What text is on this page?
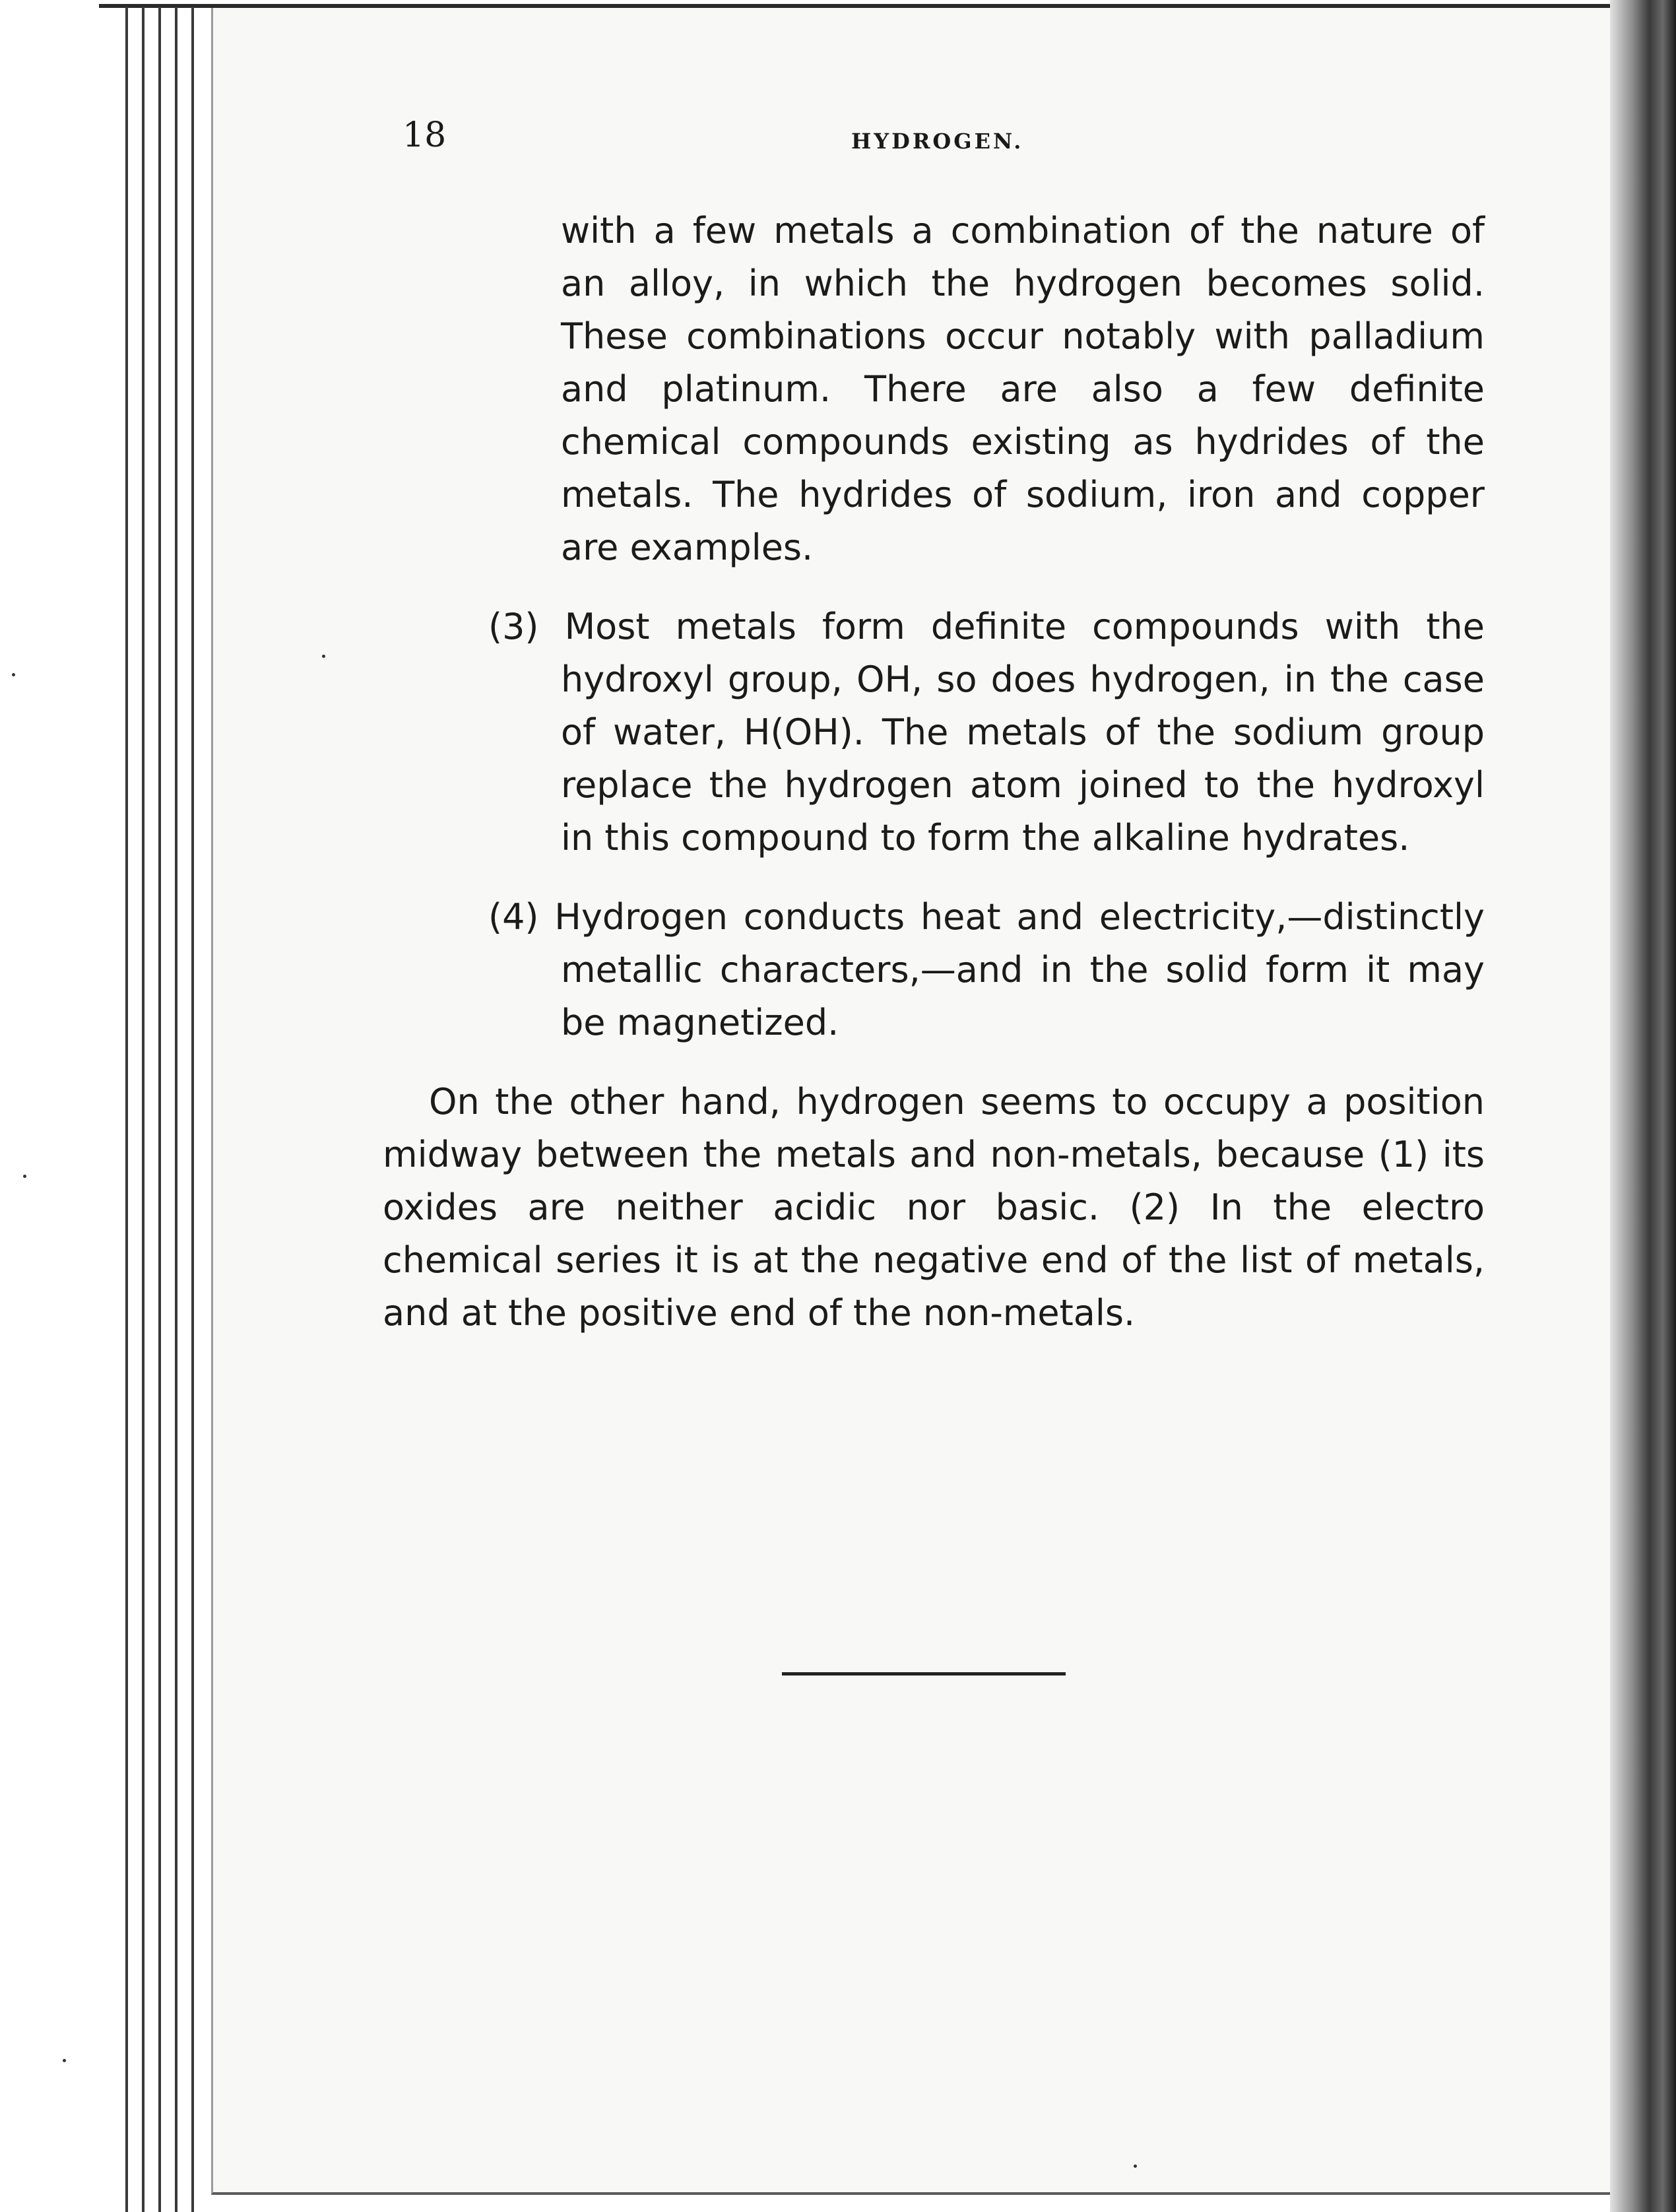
18	HYDROGEN.

with a few metals a combination of the nature of an alloy, in which the hydrogen becomes solid. These combinations occur notably with palladium and platinum. There are also a few definite chemical compounds existing as hydrides of the metals. The hydrides of sodium, iron and copper are examples.

(3) Most metals form definite compounds with the hydroxyl group, OH, so does hydrogen, in the case of water, H(OH). The metals of the sodium group replace the hydrogen atom joined to the hydroxyl in this compound to form the alkaline hydrates.

(4) Hydrogen conducts heat and electricity,—distinctly metallic characters,—and in the solid form it may be magnetized.

On the other hand, hydrogen seems to occupy a position midway between the metals and non-metals, because (1) its oxides are neither acidic nor basic. (2) In the electro chemical series it is at the negative end of the list of metals, and at the positive end of the non-metals.
